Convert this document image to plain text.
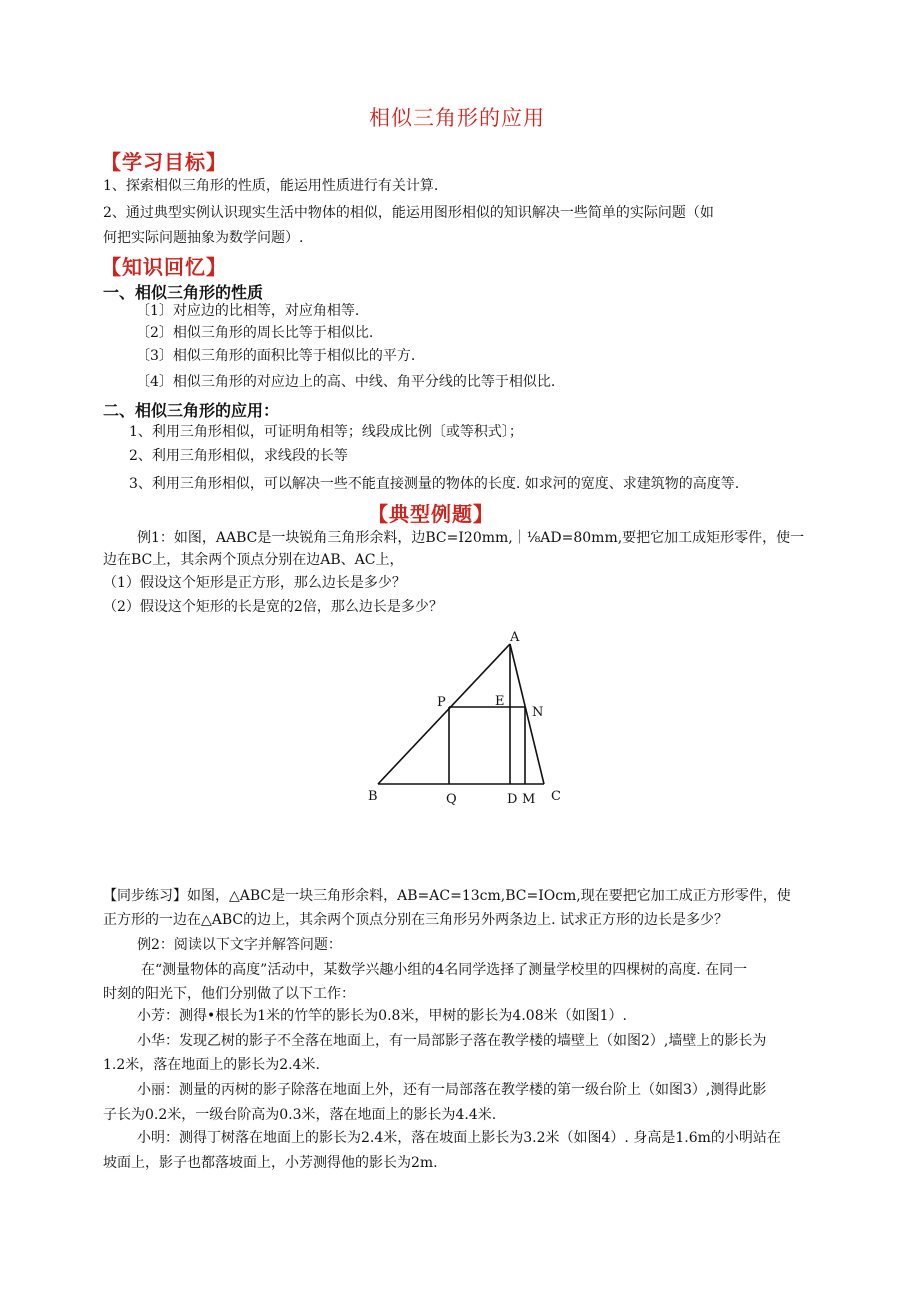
相似三角形的应用
【学习目标】
1、探索相似三角形的性质，能运用性质进行有关计算.
2、通过典型实例认识现实生活中物体的相似，能运用图形相似的知识解决一些简单的实际问题（如
何把实际问题抽象为数学问题）.
【知识回忆】
一、相似三角形的性质
〔1〕对应边的比相等，对应角相等.
〔2〕相似三角形的周长比等于相似比.
〔3〕相似三角形的面积比等于相似比的平方.
〔4〕相似三角形的对应边上的高、中线、角平分线的比等于相似比.
二、相似三角形的应用：
1、利用三角形相似，可证明角相等；线段成比例〔或等积式〕；
2、利用三角形相似，求线段的长等
3、利用三角形相似，可以解决一些不能直接测量的物体的长度. 如求河的宽度、求建筑物的高度等.
【典型例题】
例1：如图，AABC是一块锐角三角形余料，边BC=I20mm,｜⅛AD=80mm,要把它加工成矩形零件，使一
边在BC上，其余两个顶点分别在边AB、AC上，
（1）假设这个矩形是正方形，那么边长是多少？
（2）假设这个矩形的长是宽的2倍，那么边长是多少？
A
P	E
N
B	Q	D M C
【同步练习】如图，△ABC是一块三角形余料，AB=AC=13cm,BC=IOcm,现在要把它加工成正方形零件，使
正方形的一边在△ABC的边上，其余两个顶点分别在三角形另外两条边上. 试求正方形的边长是多少？
例2：阅读以下文字并解答问题：
在“测量物体的高度”活动中，某数学兴趣小组的4名同学选择了测量学校里的四棵树的高度. 在同一
时刻的阳光下，他们分别做了以下工作：
小芳：测得•根长为1米的竹竿的影长为0.8米，甲树的影长为4.08米（如图1）.
小华：发现乙树的影子不全落在地面上，有一局部影子落在教学楼的墙壁上（如图2）,墙壁上的影长为
1.2米，落在地面上的影长为2.4米.
小丽：测量的丙树的影子除落在地面上外，还有一局部落在教学楼的第一级台阶上（如图3）,测得此影
子长为0.2米，一级台阶高为0.3米，落在地面上的影长为4.4米.
小明：测得丁树落在地面上的影长为2.4米，落在坡面上影长为3.2米（如图4）. 身高是1.6m的小明站在
坡面上，影子也都落坡面上，小芳测得他的影长为2m.
